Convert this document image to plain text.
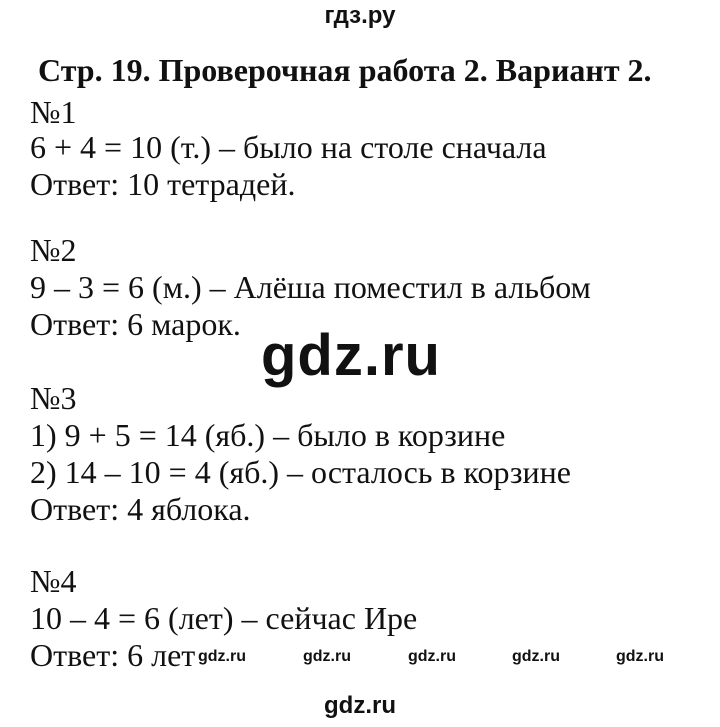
гдз.ру
Стр. 19. Проверочная работа 2. Вариант 2.
№1
6 + 4 = 10 (т.) – было на столе сначала
Ответ: 10 тетрадей.
№2
9 – 3 = 6 (м.) – Алёша поместил в альбом
Ответ: 6 марок. gdz.ru
№3
1) 9 + 5 = 14 (яб.) – было в корзине
2) 14 – 10 = 4 (яб.) – осталось в корзине
Ответ: 4 яблока.
№4
10 – 4 = 6 (лет) – сейчас Ире
Ответ: 6 лет gdz.ru	gdz.ru	gdz.ru	gdz.ru	gdz.ru
gdz.ru
